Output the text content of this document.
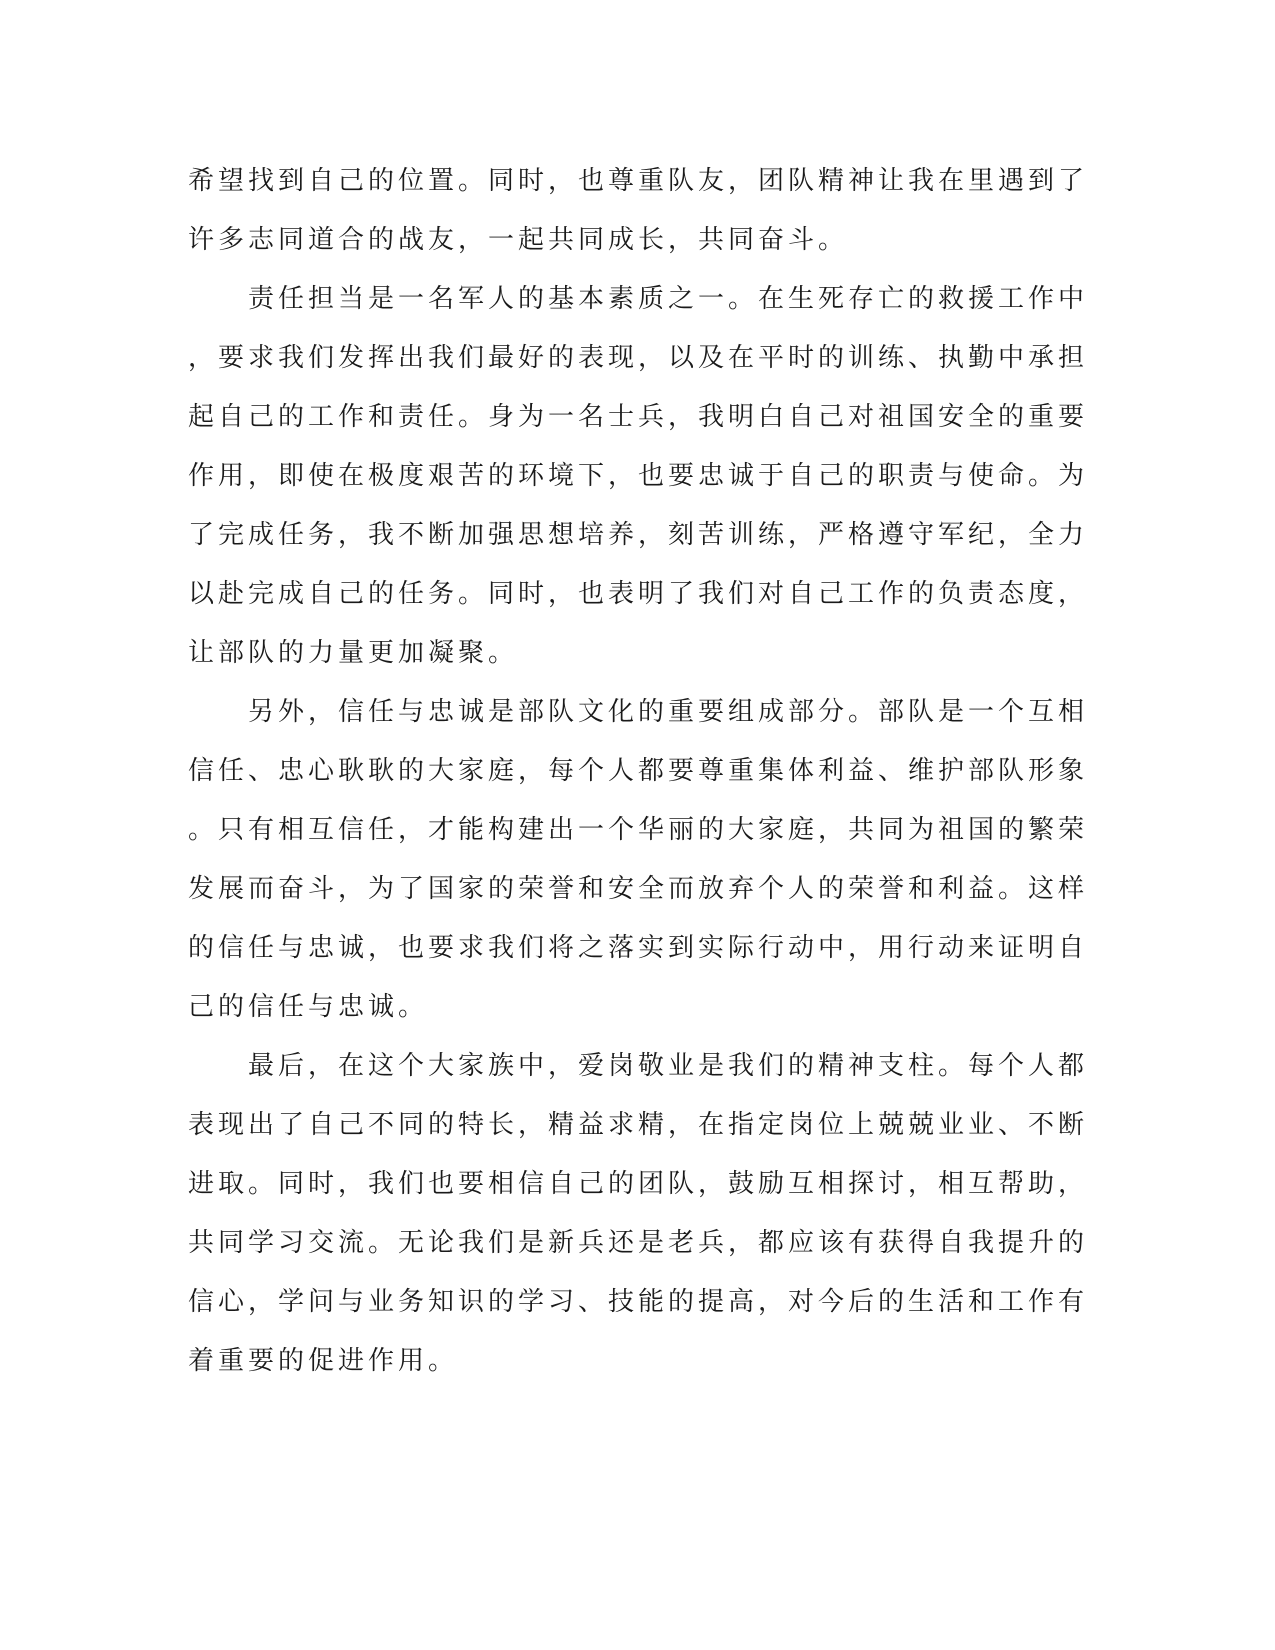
希望找到自己的位置。同时，也尊重队友，团队精神让我在里遇到了
许多志同道合的战友，一起共同成长，共同奋斗。
　　责任担当是一名军人的基本素质之一。在生死存亡的救援工作中
，要求我们发挥出我们最好的表现，以及在平时的训练、执勤中承担
起自己的工作和责任。身为一名士兵，我明白自己对祖国安全的重要
作用，即使在极度艰苦的环境下，也要忠诚于自己的职责与使命。为
了完成任务，我不断加强思想培养，刻苦训练，严格遵守军纪，全力
以赴完成自己的任务。同时，也表明了我们对自己工作的负责态度，
让部队的力量更加凝聚。
　　另外，信任与忠诚是部队文化的重要组成部分。部队是一个互相
信任、忠心耿耿的大家庭，每个人都要尊重集体利益、维护部队形象
。只有相互信任，才能构建出一个华丽的大家庭，共同为祖国的繁荣
发展而奋斗，为了国家的荣誉和安全而放弃个人的荣誉和利益。这样
的信任与忠诚，也要求我们将之落实到实际行动中，用行动来证明自
己的信任与忠诚。
　　最后，在这个大家族中，爱岗敬业是我们的精神支柱。每个人都
表现出了自己不同的特长，精益求精，在指定岗位上兢兢业业、不断
进取。同时，我们也要相信自己的团队，鼓励互相探讨，相互帮助，
共同学习交流。无论我们是新兵还是老兵，都应该有获得自我提升的
信心，学问与业务知识的学习、技能的提高，对今后的生活和工作有
着重要的促进作用。
